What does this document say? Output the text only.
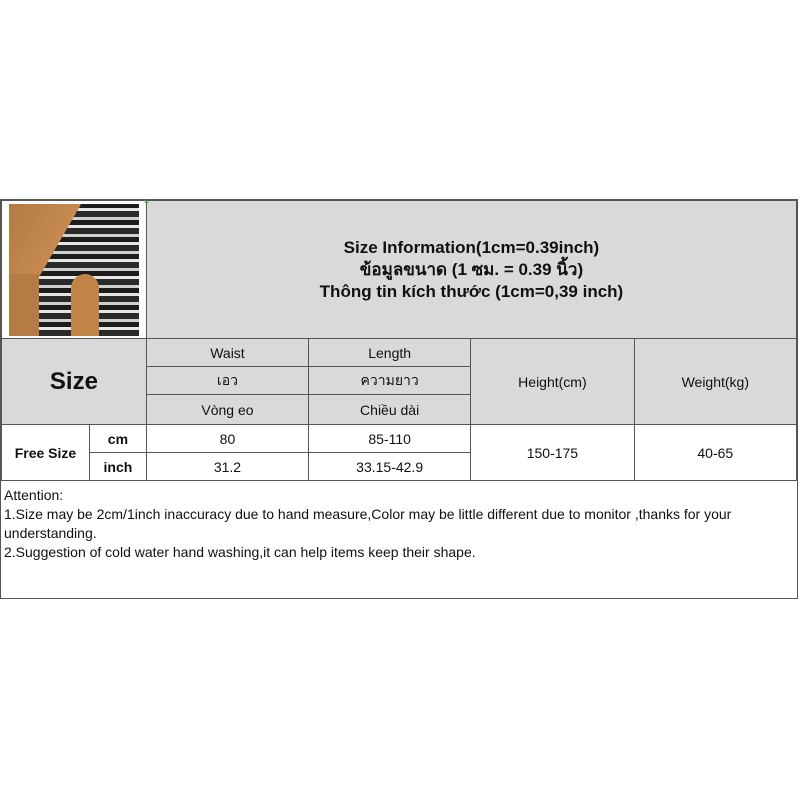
		Size Information(1cm=0.39inch)
ข้อมูลขนาด (1 ซม. = 0.39 นิ้ว)
Thông tin kích thước (1cm=0,39 inch)			

Size		Waist	Length	Height(cm)	Weight(kg)
		เอว	ความยาว		
		Vòng eo	Chiều dài		
Free Size	cm	80	85-110	150-175	40-65
	inch	31.2	33.15-42.9		
Attention:
1.Size may be 2cm/1inch inaccuracy due to hand measure,Color may be little different due to monitor ,thanks for your understanding.
2.Suggestion of cold water hand washing,it can help items keep their shape.
